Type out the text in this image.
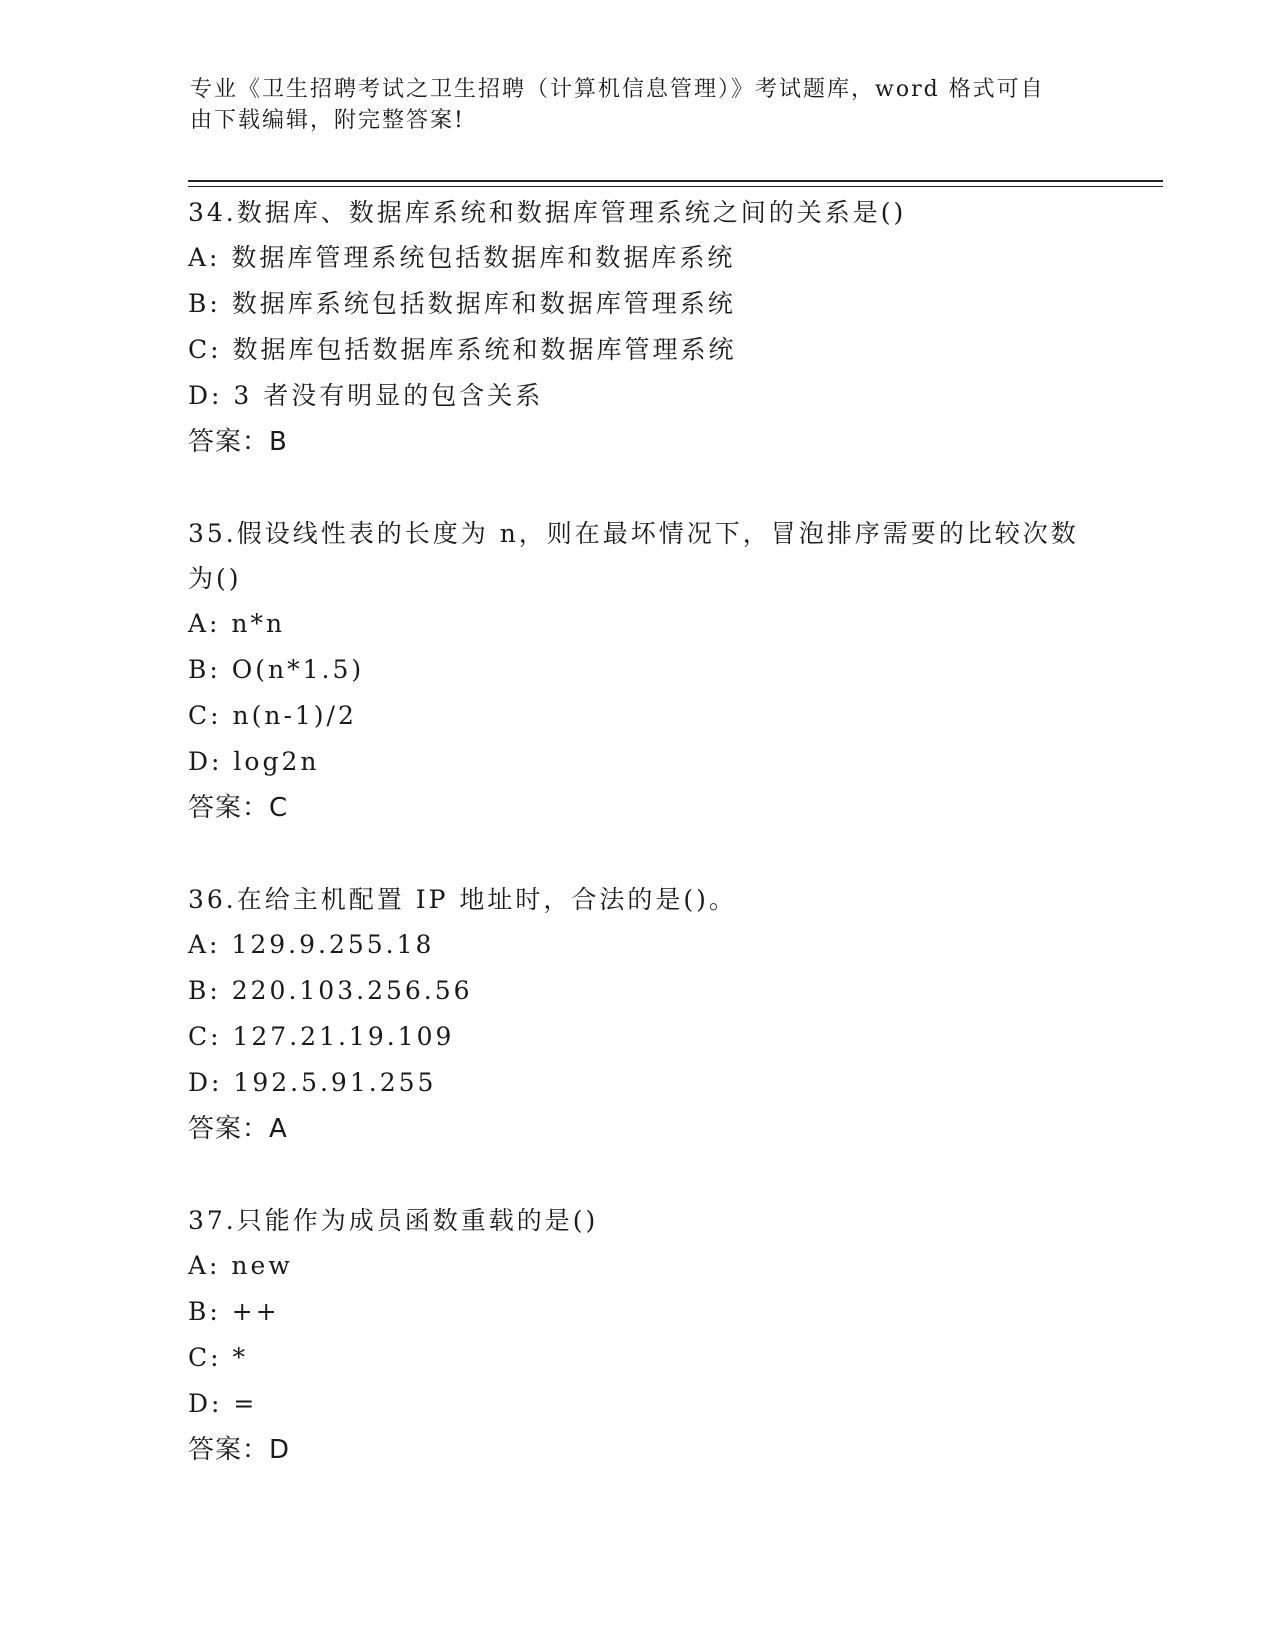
专业《卫生招聘考试之卫生招聘（计算机信息管理）》考试题库，word 格式可自
由下载编辑，附完整答案!

34.数据库、数据库系统和数据库管理系统之间的关系是()

A: 数据库管理系统包括数据库和数据库系统

B: 数据库系统包括数据库和数据库管理系统

C: 数据库包括数据库系统和数据库管理系统

D: 3 者没有明显的包含关系

答案：B

35.假设线性表的长度为 n，则在最坏情况下，冒泡排序需要的比较次数为()

A: n*n

B: O(n*1.5)

C: n(n-1)/2

D: log2n

答案：C

36.在给主机配置 IP 地址时，合法的是()。

A: 129.9.255.18

B: 220.103.256.56

C: 127.21.19.109

D: 192.5.91.255

答案：A

37.只能作为成员函数重载的是()

A: new

B: ++

C: *

D: =

答案：D
